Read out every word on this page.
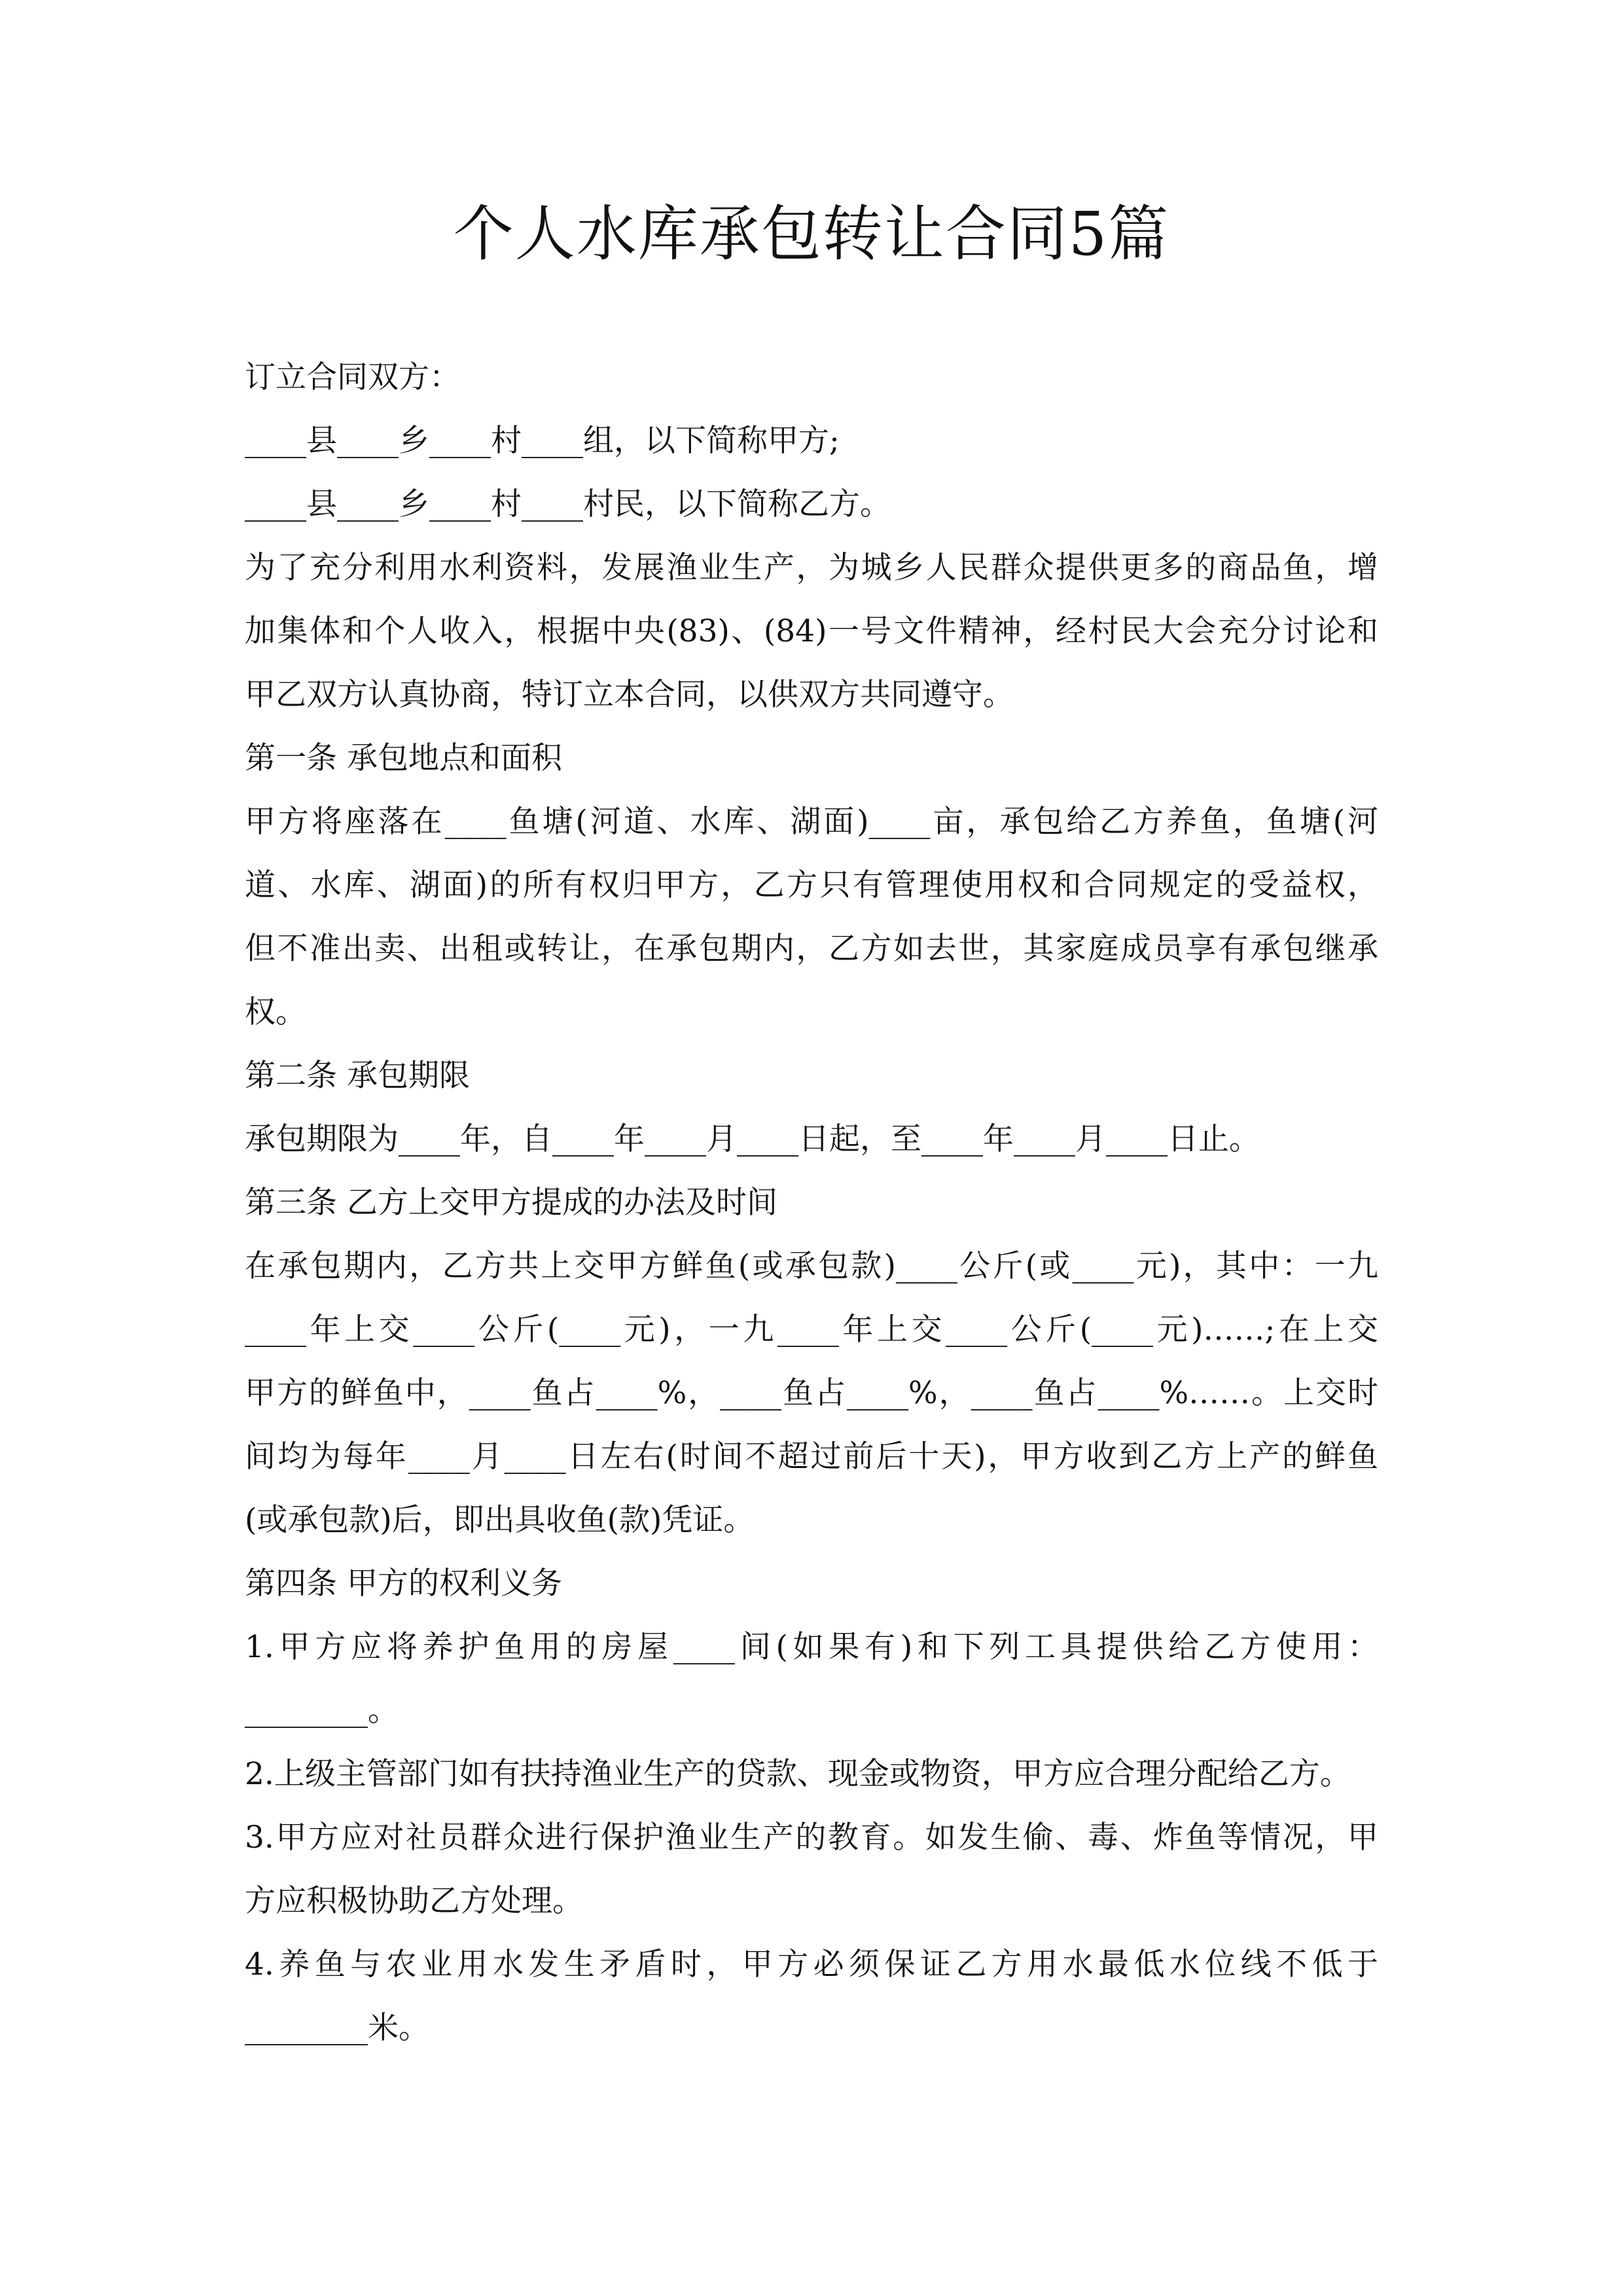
个人水库承包转让合同5篇

订立合同双方：

____县____乡____村____组，以下简称甲方;

____县____乡____村____村民，以下简称乙方。

为了充分利用水利资料，发展渔业生产，为城乡人民群众提供更多的商品鱼，增

加集体和个人收入，根据中央(83)、(84)一号文件精神，经村民大会充分讨论和

甲乙双方认真协商，特订立本合同，以供双方共同遵守。

第一条 承包地点和面积

甲方将座落在____鱼塘(河道、水库、湖面)____亩，承包给乙方养鱼，鱼塘(河

道、水库、湖面)的所有权归甲方，乙方只有管理使用权和合同规定的受益权，

但不准出卖、出租或转让，在承包期内，乙方如去世，其家庭成员享有承包继承

权。

第二条 承包期限

承包期限为____年，自____年____月____日起，至____年____月____日止。

第三条 乙方上交甲方提成的办法及时间

在承包期内，乙方共上交甲方鲜鱼(或承包款)____公斤(或____元)，其中：一九

____年上交____公斤(____元)，一九____年上交____公斤(____元)……;在上交

甲方的鲜鱼中，____鱼占____%，____鱼占____%，____鱼占____%……。上交时

间均为每年____月____日左右(时间不超过前后十天)，甲方收到乙方上产的鲜鱼

(或承包款)后，即出具收鱼(款)凭证。

第四条 甲方的权利义务

1.甲方应将养护鱼用的房屋____间(如果有)和下列工具提供给乙方使用：

________。

2.上级主管部门如有扶持渔业生产的贷款、现金或物资，甲方应合理分配给乙方。

3.甲方应对社员群众进行保护渔业生产的教育。如发生偷、毒、炸鱼等情况，甲

方应积极协助乙方处理。

4.养鱼与农业用水发生矛盾时，甲方必须保证乙方用水最低水位线不低于

________米。
